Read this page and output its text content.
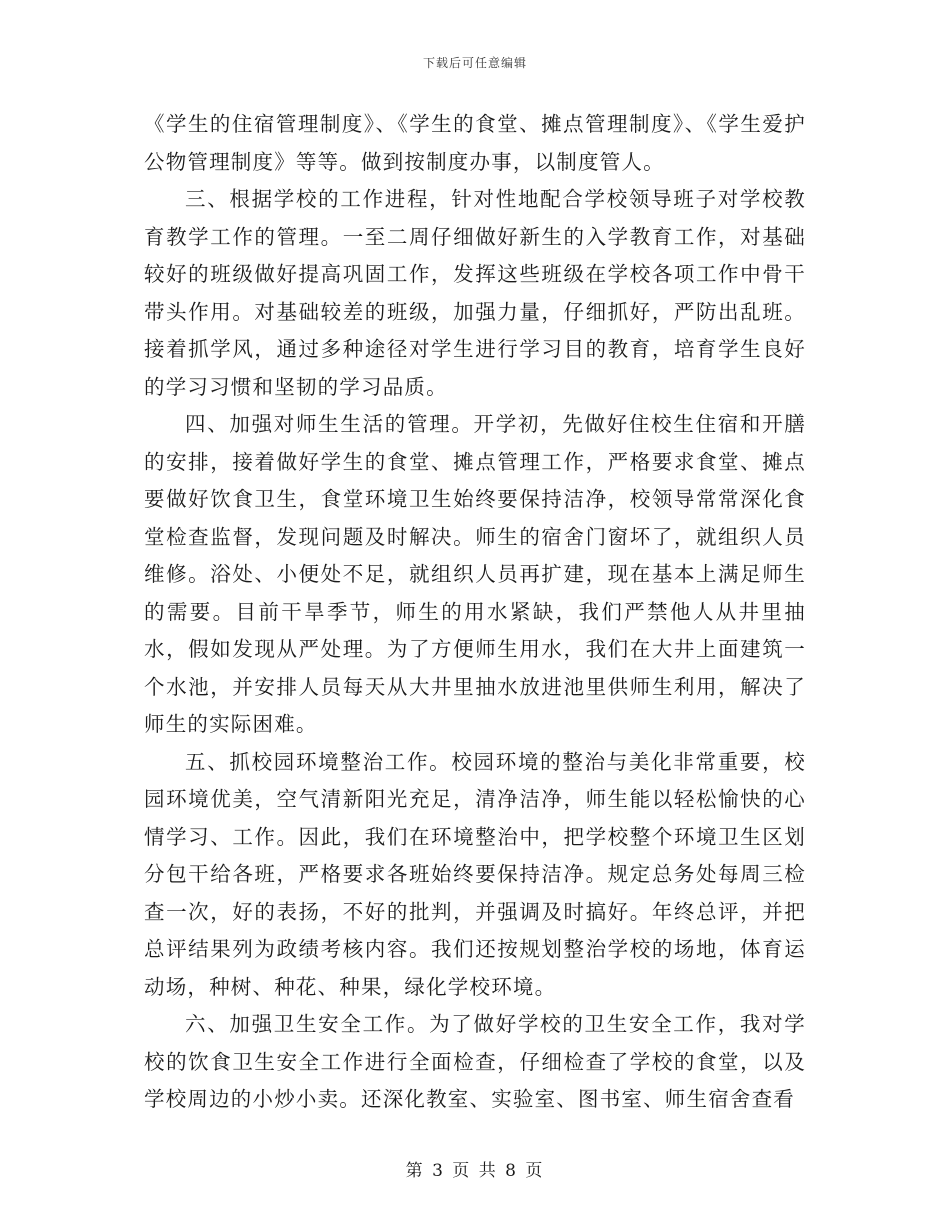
下载后可任意编辑

《学生的住宿管理制度》、《学生的食堂、摊点管理制度》、《学生爱护公物管理制度》等等。做到按制度办事，以制度管人。

三、根据学校的工作进程，针对性地配合学校领导班子对学校教育教学工作的管理。一至二周仔细做好新生的入学教育工作，对基础较好的班级做好提高巩固工作，发挥这些班级在学校各项工作中骨干带头作用。对基础较差的班级，加强力量，仔细抓好，严防出乱班。接着抓学风，通过多种途径对学生进行学习目的教育，培育学生良好的学习习惯和坚韧的学习品质。

四、加强对师生生活的管理。开学初，先做好住校生住宿和开膳的安排，接着做好学生的食堂、摊点管理工作，严格要求食堂、摊点要做好饮食卫生，食堂环境卫生始终要保持洁净，校领导常常深化食堂检查监督，发现问题及时解决。师生的宿舍门窗坏了，就组织人员维修。浴处、小便处不足，就组织人员再扩建，现在基本上满足师生的需要。目前干旱季节，师生的用水紧缺，我们严禁他人从井里抽水，假如发现从严处理。为了方便师生用水，我们在大井上面建筑一个水池，并安排人员每天从大井里抽水放进池里供师生利用，解决了师生的实际困难。

五、抓校园环境整治工作。校园环境的整治与美化非常重要，校园环境优美，空气清新阳光充足，清净洁净，师生能以轻松愉快的心情学习、工作。因此，我们在环境整治中，把学校整个环境卫生区划分包干给各班，严格要求各班始终要保持洁净。规定总务处每周三检查一次，好的表扬，不好的批判，并强调及时搞好。年终总评，并把总评结果列为政绩考核内容。我们还按规划整治学校的场地，体育运动场，种树、种花、种果，绿化学校环境。

六、加强卫生安全工作。为了做好学校的卫生安全工作，我对学校的饮食卫生安全工作进行全面检查，仔细检查了学校的食堂，以及学校周边的小炒小卖。还深化教室、实验室、图书室、师生宿舍查看

第 3 页 共 8 页
